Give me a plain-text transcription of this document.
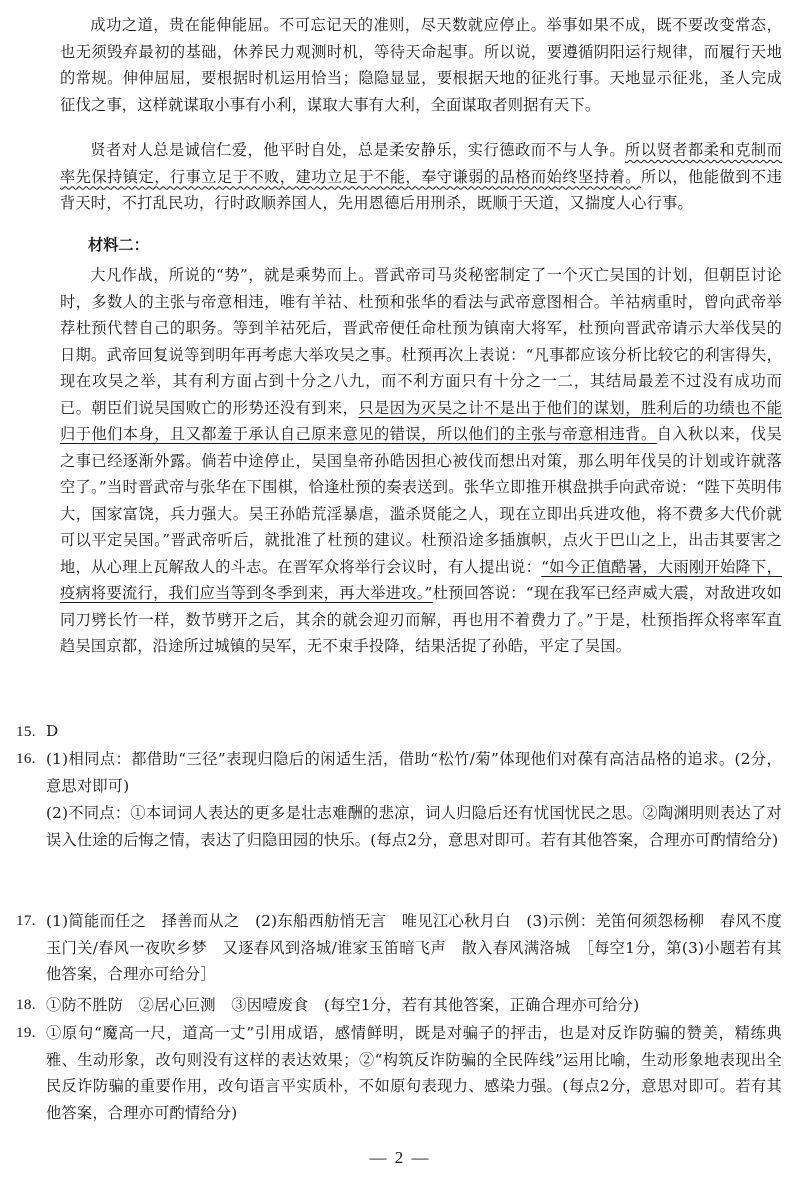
成功之道，贵在能伸能屈。不可忘记天的准则，尽天数就应停止。举事如果不成，既不要改变常态，也无须毁弃最初的基础，休养民力观测时机，等待天命起事。所以说，要遵循阴阳运行规律，而履行天地的常规。伸伸屈屈，要根据时机运用恰当；隐隐显显，要根据天地的征兆行事。天地显示征兆，圣人完成征伐之事，这样就谋取小事有小利，谋取大事有大利，全面谋取者则据有天下。

贤者对人总是诚信仁爱，他平时自处，总是柔安静乐，实行德政而不与人争。所以贤者都柔和克制而率先保持镇定，行事立足于不败，建功立足于不能，奉守谦弱的品格而始终坚持着。所以，他能做到不违背天时，不打乱民功，行时政顺养国人，先用恩德后用刑杀，既顺于天道，又揣度人心行事。

材料二：

大凡作战，所说的“势”，就是乘势而上。晋武帝司马炎秘密制定了一个灭亡吴国的计划，但朝臣讨论时，多数人的主张与帝意相违，唯有羊祜、杜预和张华的看法与武帝意图相合。羊祜病重时，曾向武帝举荐杜预代替自己的职务。等到羊祜死后，晋武帝便任命杜预为镇南大将军，杜预向晋武帝请示大举伐吴的日期。武帝回复说等到明年再考虑大举攻吴之事。杜预再次上表说：“凡事都应该分析比较它的利害得失，现在攻吴之举，其有利方面占到十分之八九，而不利方面只有十分之一二，其结局最差不过没有成功而已。朝臣们说吴国败亡的形势还没有到来，只是因为灭吴之计不是出于他们的谋划，胜利后的功绩也不能归于他们本身，且又都羞于承认自己原来意见的错误，所以他们的主张与帝意相违背。自入秋以来，伐吴之事已经逐渐外露。倘若中途停止，吴国皇帝孙皓因担心被伐而想出对策，那么明年伐吴的计划或许就落空了。”当时晋武帝与张华在下围棋，恰逢杜预的奏表送到。张华立即推开棋盘拱手向武帝说：“陛下英明伟大，国家富饶，兵力强大。吴王孙皓荒淫暴虐，滥杀贤能之人，现在立即出兵进攻他，将不费多大代价就可以平定吴国。”晋武帝听后，就批准了杜预的建议。杜预沿途多插旗帜，点火于巴山之上，出击其要害之地，从心理上瓦解敌人的斗志。在晋军众将举行会议时，有人提出说：“如今正值酷暑，大雨刚开始降下，疫病将要流行，我们应当等到冬季到来，再大举进攻。”杜预回答说：“现在我军已经声威大震，对敌进攻如同刀劈长竹一样，数节劈开之后，其余的就会迎刃而解，再也用不着费力了。”于是，杜预指挥众将率军直趋吴国京都，沿途所过城镇的吴军，无不束手投降，结果活捉了孙皓，平定了吴国。

15. D

16. (1)相同点：都借助“三径”表现归隐后的闲适生活，借助“松竹/菊”体现他们对葆有高洁品格的追求。(2分，意思对即可)
(2)不同点：①本词词人表达的更多是壮志难酬的悲凉，词人归隐后还有忧国忧民之思。②陶渊明则表达了对误入仕途的后悔之情，表达了归隐田园的快乐。(每点2分，意思对即可。若有其他答案，合理亦可酌情给分)
17. (1)简能而任之　择善而从之　(2)东船西舫悄无言　唯见江心秋月白　(3)示例：羌笛何须怨杨柳　春风不度玉门关/春风一夜吹乡梦　又逐春风到洛城/谁家玉笛暗飞声　散入春风满洛城　［每空1分，第(3)小题若有其他答案，合理亦可给分］
18. ①防不胜防　②居心叵测　③因噎废食　(每空1分，若有其他答案，正确合理亦可给分)
19. ①原句“魔高一尺，道高一丈”引用成语，感情鲜明，既是对骗子的抨击，也是对反诈防骗的赞美，精练典雅、生动形象，改句则没有这样的表达效果；②“构筑反诈防骗的全民阵线”运用比喻，生动形象地表现出全民反诈防骗的重要作用，改句语言平实质朴，不如原句表现力、感染力强。(每点2分，意思对即可。若有其他答案，合理亦可酌情给分)
— 2 —
